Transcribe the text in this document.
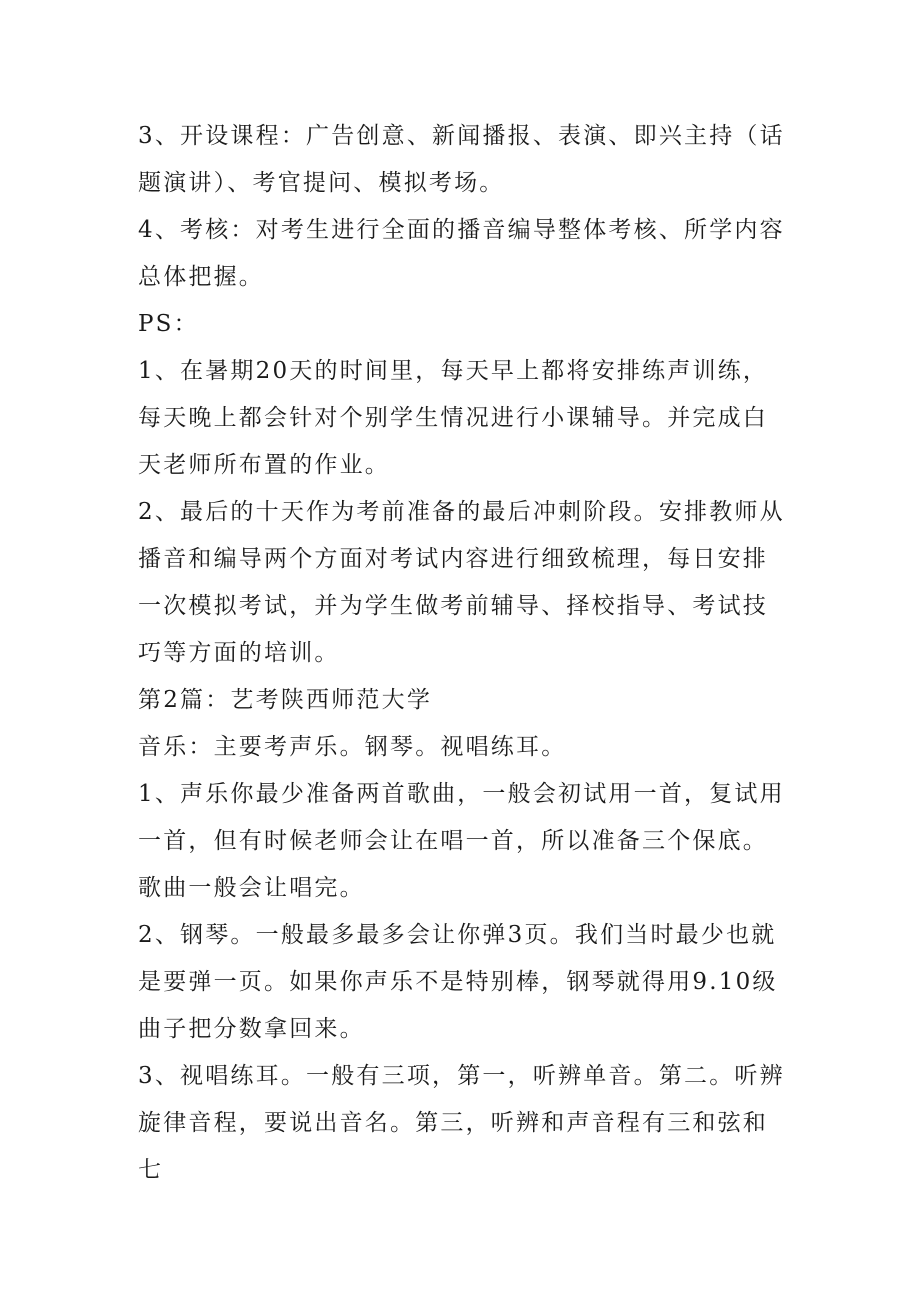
3、开设课程：广告创意、新闻播报、表演、即兴主持（话题演讲）、考官提问、模拟考场。

4、考核：对考生进行全面的播音编导整体考核、所学内容总体把握。

PS：

1、在暑期20天的时间里，每天早上都将安排练声训练，每天晚上都会针对个别学生情况进行小课辅导。并完成白天老师所布置的作业。

2、最后的十天作为考前准备的最后冲刺阶段。安排教师从播音和编导两个方面对考试内容进行细致梳理，每日安排一次模拟考试，并为学生做考前辅导、择校指导、考试技巧等方面的培训。

第2篇：艺考陕西师范大学

音乐：主要考声乐。钢琴。视唱练耳。

1、声乐你最少准备两首歌曲，一般会初试用一首，复试用一首，但有时候老师会让在唱一首，所以准备三个保底。歌曲一般会让唱完。

2、钢琴。一般最多最多会让你弹3页。我们当时最少也就是要弹一页。如果你声乐不是特别棒，钢琴就得用9.10级曲子把分数拿回来。

3、视唱练耳。一般有三项，第一，听辨单音。第二。听辨旋律音程，要说出音名。第三，听辨和声音程有三和弦和七
